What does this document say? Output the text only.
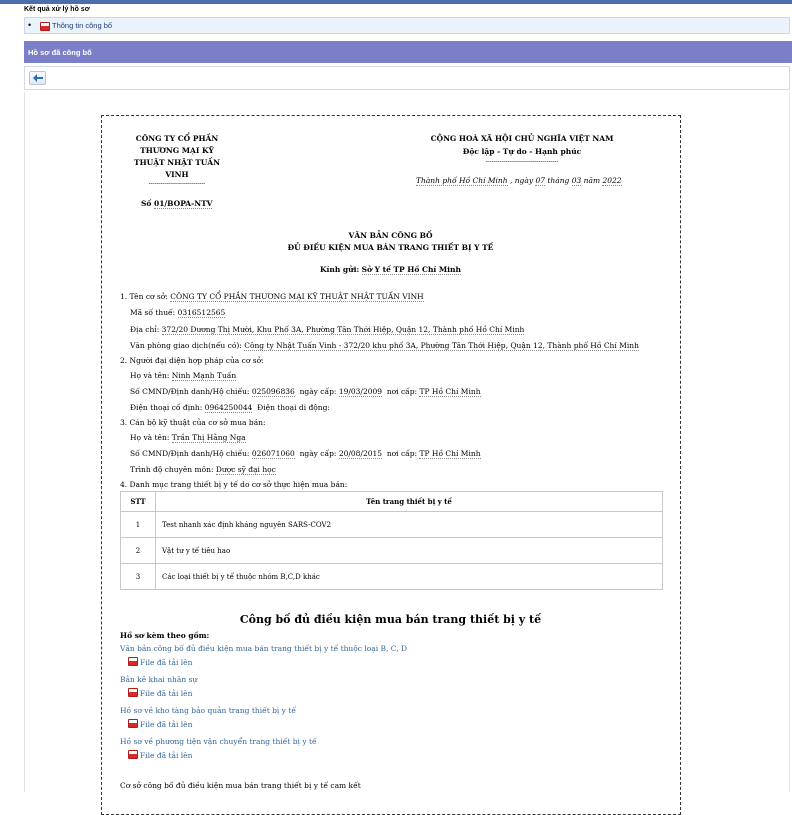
Kết quả xử lý hồ sơ
•	Thông tin công bố
Hồ sơ đã công bố
CÔNG TY CỔ PHẦN
THƯƠNG MẠI KỸ
THUẬT NHẬT TUẤN
VINH
----------------------------
Số 01/BOPA-NTV
CỘNG HOÀ XÃ HỘI CHỦ NGHĨA VIỆT NAM
Độc lập - Tự do - Hạnh phúc
------------------------------------
Thành phố Hồ Chí Minh , ngày 07 tháng 03 năm 2022
VĂN BẢN CÔNG BỐ
ĐỦ ĐIỀU KIỆN MUA BÁN TRANG THIẾT BỊ Y TẾ
Kính gửi: Sở Y tế TP Hồ Chí Minh
1. Tên cơ sở: CÔNG TY CỔ PHẦN THƯƠNG MẠI KỸ THUẬT NHẬT TUẤN VINH
Mã số thuế: 0316512565
Địa chỉ: 372/20 Dương Thị Mười, Khu Phố 3A, Phường Tân Thới Hiệp, Quận 12, Thành phố Hồ Chí Minh
Văn phòng giao dịch(nếu có): Công ty Nhật Tuấn Vinh - 372/20 khu phố 3A, Phường Tân Thới Hiệp, Quận 12, Thành phố Hồ Chí Minh
2. Người đại diện hợp pháp của cơ sở:
Họ và tên: Ninh Mạnh Tuấn
Số CMND/Định danh/Hộ chiếu: 025096836 ngày cấp: 19/03/2009 nơi cấp: TP Hồ Chí Minh
Điện thoại cố định: 0964250044 Điện thoại di động:
3. Cán bộ kỹ thuật của cơ sở mua bán:
Họ và tên: Trần Thị Hằng Nga
Số CMND/Định danh/Hộ chiếu: 026071060 ngày cấp: 20/08/2015 nơi cấp: TP Hồ Chí Minh
Trình độ chuyên môn: Dược sỹ đại học
4. Danh mục trang thiết bị y tế do cơ sở thực hiện mua bán:
STT	Tên trang thiết bị y tế
1	Test nhanh xác định kháng nguyên SARS-COV2
2	Vật tư y tế tiêu hao
3	Các loại thiết bị y tế thuộc nhóm B,C,D khác
Công bố đủ điều kiện mua bán trang thiết bị y tế
Hồ sơ kèm theo gồm:
Văn bản công bố đủ điều kiện mua bán trang thiết bị y tế thuộc loại B, C, D
File đã tải lên
Bản kê khai nhân sự
File đã tải lên
Hồ sơ về kho tàng bảo quản trang thiết bị y tế
File đã tải lên
Hồ sơ về phương tiện vận chuyển trang thiết bị y tế
File đã tải lên
Cơ sở công bố đủ điều kiện mua bán trang thiết bị y tế cam kết
